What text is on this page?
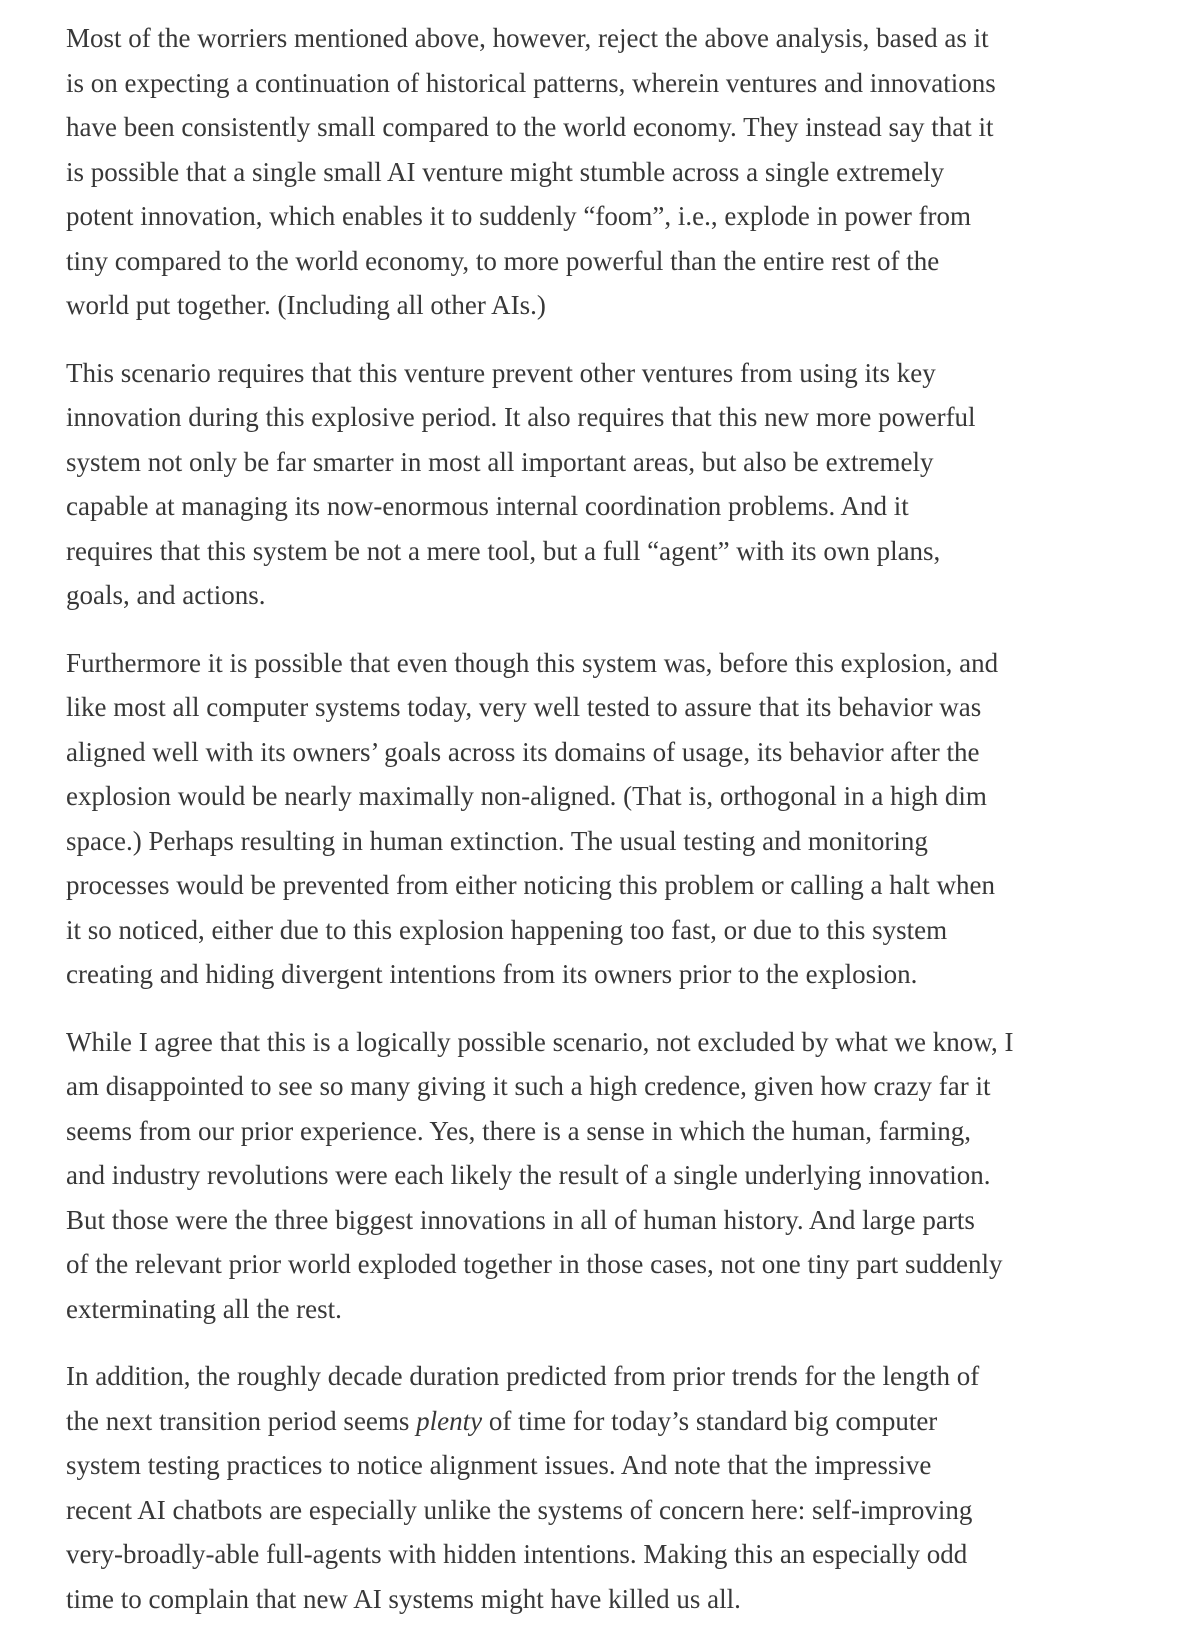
Most of the worriers mentioned above, however, reject the above analysis, based as it
is on expecting a continuation of historical patterns, wherein ventures and innovations
have been consistently small compared to the world economy. They instead say that it
is possible that a single small AI venture might stumble across a single extremely
potent innovation, which enables it to suddenly “foom”, i.e., explode in power from
tiny compared to the world economy, to more powerful than the entire rest of the
world put together. (Including all other AIs.)

This scenario requires that this venture prevent other ventures from using its key
innovation during this explosive period. It also requires that this new more powerful
system not only be far smarter in most all important areas, but also be extremely
capable at managing its now-enormous internal coordination problems. And it
requires that this system be not a mere tool, but a full “agent” with its own plans,
goals, and actions.

Furthermore it is possible that even though this system was, before this explosion, and
like most all computer systems today, very well tested to assure that its behavior was
aligned well with its owners’ goals across its domains of usage, its behavior after the
explosion would be nearly maximally non-aligned. (That is, orthogonal in a high dim
space.) Perhaps resulting in human extinction. The usual testing and monitoring
processes would be prevented from either noticing this problem or calling a halt when
it so noticed, either due to this explosion happening too fast, or due to this system
creating and hiding divergent intentions from its owners prior to the explosion.

While I agree that this is a logically possible scenario, not excluded by what we know, I
am disappointed to see so many giving it such a high credence, given how crazy far it
seems from our prior experience. Yes, there is a sense in which the human, farming,
and industry revolutions were each likely the result of a single underlying innovation.
But those were the three biggest innovations in all of human history. And large parts
of the relevant prior world exploded together in those cases, not one tiny part suddenly
exterminating all the rest.

In addition, the roughly decade duration predicted from prior trends for the length of
the next transition period seems plenty of time for today’s standard big computer
system testing practices to notice alignment issues. And note that the impressive
recent AI chatbots are especially unlike the systems of concern here: self-improving
very-broadly-able full-agents with hidden intentions. Making this an especially odd
time to complain that new AI systems might have killed us all.
